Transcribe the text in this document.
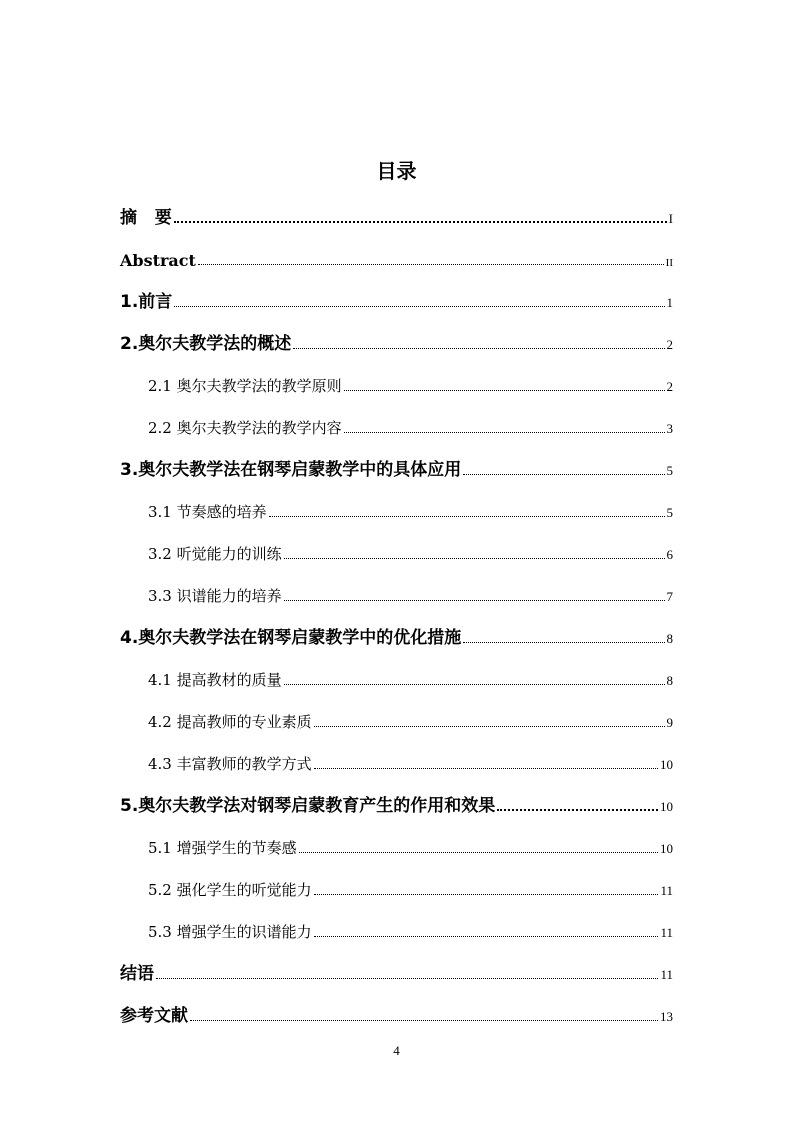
目录
摘   要	I
Abstract	II
1.前言	1
2.奥尔夫教学法的概述	2
2.1 奥尔夫教学法的教学原则	2
2.2 奥尔夫教学法的教学内容	3
3.奥尔夫教学法在钢琴启蒙教学中的具体应用	5
3.1 节奏感的培养	5
3.2 听觉能力的训练	6
3.3 识谱能力的培养	7
4.奥尔夫教学法在钢琴启蒙教学中的优化措施	8
4.1 提高教材的质量	8
4.2 提高教师的专业素质	9
4.3 丰富教师的教学方式	10
5.奥尔夫教学法对钢琴启蒙教育产生的作用和效果	10
5.1 增强学生的节奏感	10
5.2 强化学生的听觉能力	11
5.3 增强学生的识谱能力	11
结语	11
参考文献	13
4
